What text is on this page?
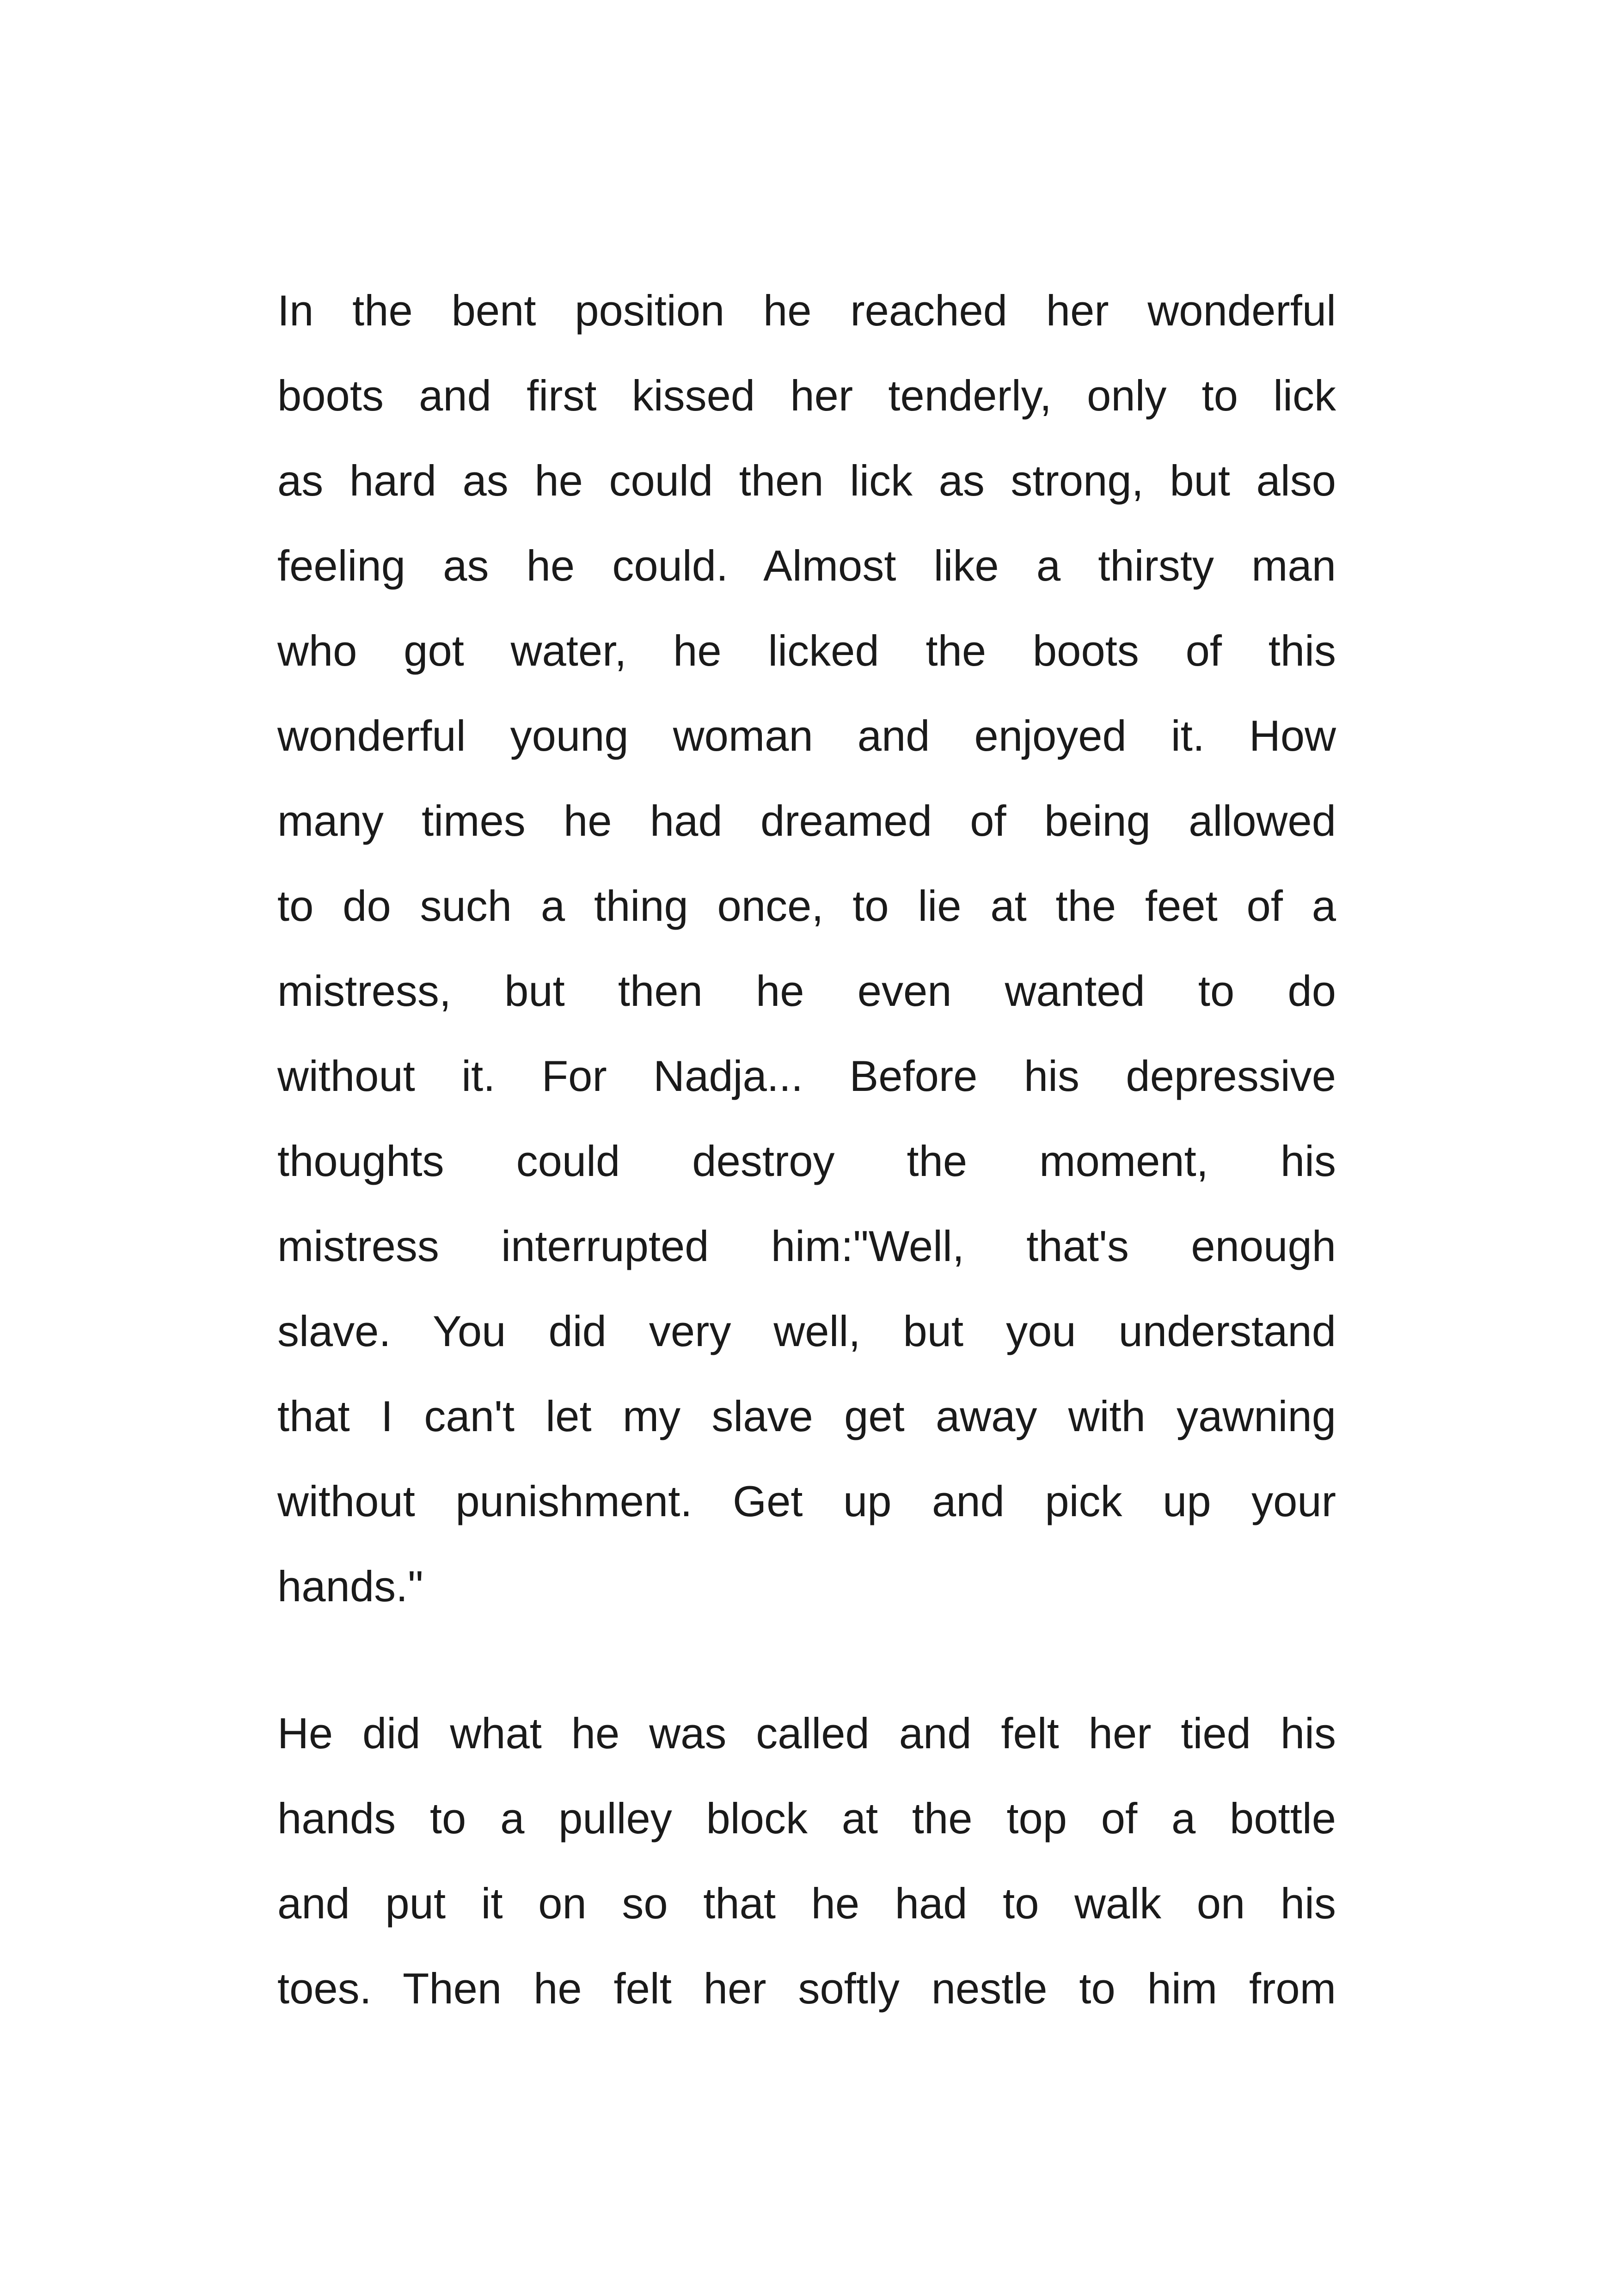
In the bent position he reached her wonderful
boots and first kissed her tenderly, only to lick
as hard as he could then lick as strong, but also
feeling as he could. Almost like a thirsty man
who got water, he licked the boots of this
wonderful young woman and enjoyed it. How
many times he had dreamed of being allowed
to do such a thing once, to lie at the feet of a
mistress, but then he even wanted to do
without it. For Nadja... Before his depressive
thoughts could destroy the moment, his
mistress interrupted him:"Well, that's enough
slave. You did very well, but you understand
that I can't let my slave get away with yawning
without punishment. Get up and pick up your
hands."
He did what he was called and felt her tied his
hands to a pulley block at the top of a bottle
and put it on so that he had to walk on his
toes. Then he felt her softly nestle to him from
